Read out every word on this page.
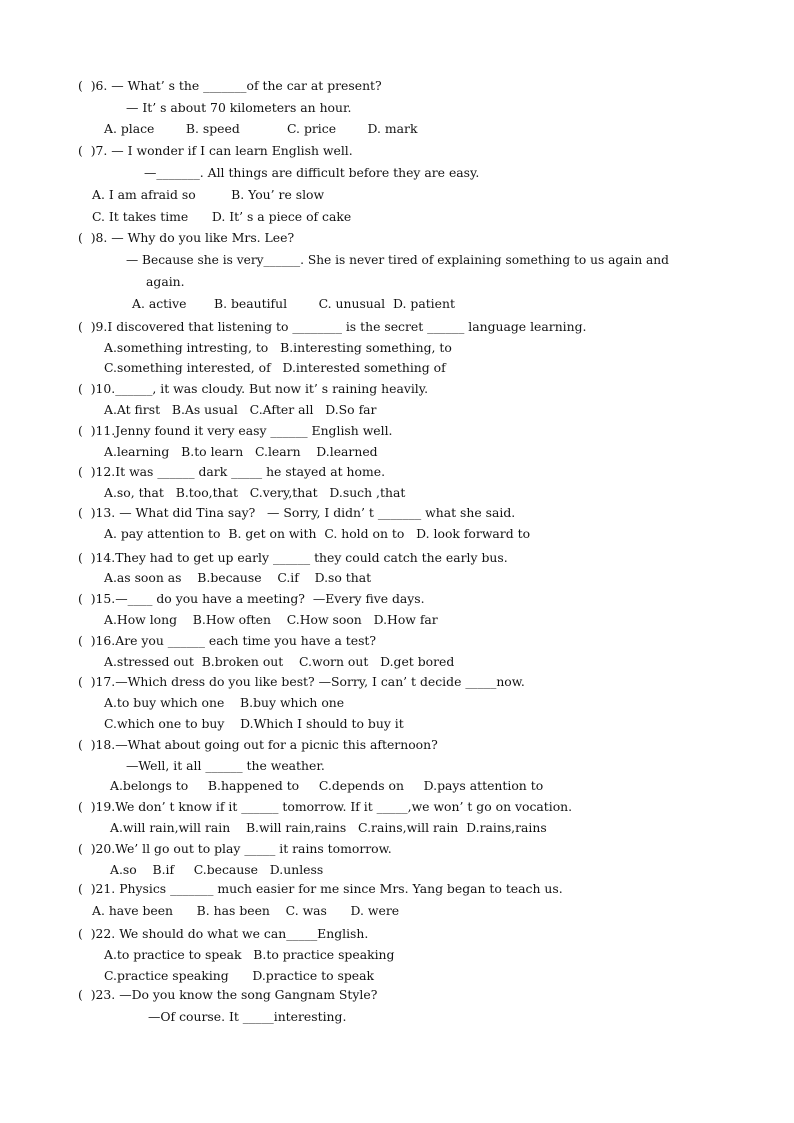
(  )6. — What’ s the _______of the car at present?
— It’ s about 70 kilometers an hour.
A. place        B. speed            C. price        D. mark
(  )7. — I wonder if I can learn English well.
—_______. All things are difficult before they are easy.
A. I am afraid so         B. You’ re slow
C. It takes time      D. It’ s a piece of cake
(  )8. — Why do you like Mrs. Lee?
— Because she is very______. She is never tired of explaining something to us again and
again.
A. active       B. beautiful        C. unusual  D. patient
(  )9.I discovered that listening to ________ is the secret ______ language learning.
A.something intresting, to   B.interesting something, to
C.something interested, of   D.interested something of
(  )10.______, it was cloudy. But now it’ s raining heavily.
A.At first   B.As usual   C.After all   D.So far
(  )11.Jenny found it very easy ______ English well.
A.learning   B.to learn   C.learn    D.learned
(  )12.It was ______ dark _____ he stayed at home.
A.so, that   B.too,that   C.very,that   D.such ,that
(  )13. — What did Tina say?   — Sorry, I didn’ t _______ what she said.
A. pay attention to  B. get on with  C. hold on to   D. look forward to
(  )14.They had to get up early ______ they could catch the early bus.
A.as soon as    B.because    C.if    D.so that
(  )15.—____ do you have a meeting?  —Every five days.
A.How long    B.How often    C.How soon   D.How far
(  )16.Are you ______ each time you have a test?
A.stressed out  B.broken out    C.worn out   D.get bored
(  )17.—Which dress do you like best? —Sorry, I can’ t decide _____now.
A.to buy which one    B.buy which one
C.which one to buy    D.Which I should to buy it
(  )18.—What about going out for a picnic this afternoon?
—Well, it all ______ the weather.
A.belongs to     B.happened to     C.depends on     D.pays attention to
(  )19.We don’ t know if it ______ tomorrow. If it _____,we won’ t go on vocation.
A.will rain,will rain    B.will rain,rains   C.rains,will rain  D.rains,rains
(  )20.We’ ll go out to play _____ it rains tomorrow.
A.so    B.if     C.because   D.unless
(  )21. Physics _______ much easier for me since Mrs. Yang began to teach us.
A. have been      B. has been    C. was      D. were
(  )22. We should do what we can_____English.
A.to practice to speak   B.to practice speaking
C.practice speaking      D.practice to speak
(  )23. —Do you know the song Gangnam Style?
—Of course. It _____interesting.
